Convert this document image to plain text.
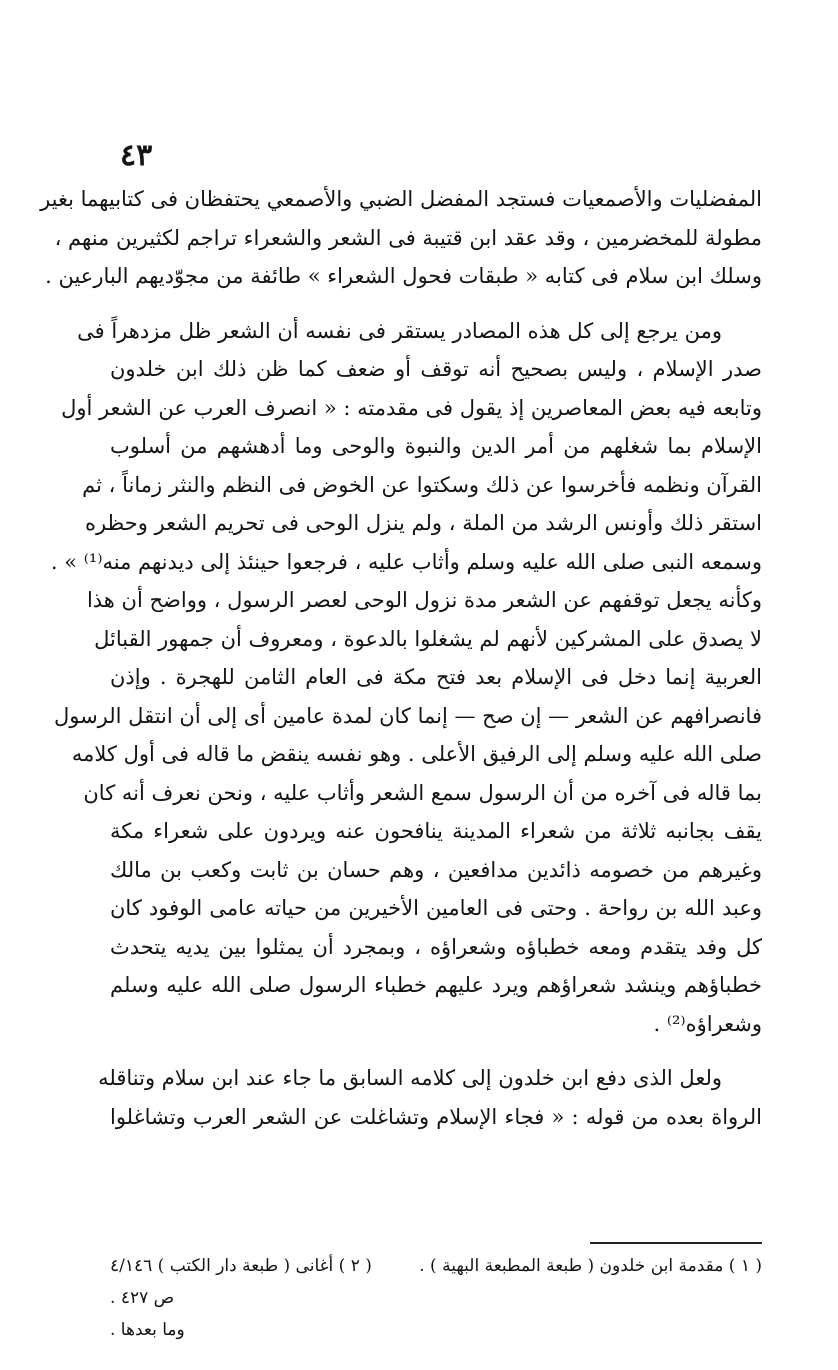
٤٣
المفضليات والأصمعيات فستجد المفضل الضبي والأصمعي يحتفظان فى كتابيهما بغير
مطولة للمخضرمين ، وقد عقد ابن قتيبة فى الشعر والشعراء تراجم لكثيرين منهم ،
وسلك ابن سلام فى كتابه « طبقات فحول الشعراء » طائفة من مجوّديهم البارعين .
ومن يرجع إلى كل هذه المصادر يستقر فى نفسه أن الشعر ظل مزدهراً فى
صدر الإسلام ، وليس بصحيح أنه توقف أو ضعف كما ظن ذلك ابن خلدون
وتابعه فيه بعض المعاصرين إذ يقول فى مقدمته : « انصرف العرب عن الشعر أول
الإسلام بما شغلهم من أمر الدين والنبوة والوحى وما أدهشهم من أسلوب
القرآن ونظمه فأخرسوا عن ذلك وسكتوا عن الخوض فى النظم والنثر زماناً ، ثم
استقر ذلك وأونس الرشد من الملة ، ولم ينزل الوحى فى تحريم الشعر وحظره
وسمعه النبى صلى الله عليه وسلم وأثاب عليه ، فرجعوا حينئذ إلى ديدنهم منه⁽¹⁾ » .
وكأنه يجعل توقفهم عن الشعر مدة نزول الوحى لعصر الرسول ، وواضح أن هذا
لا يصدق على المشركين لأنهم لم يشغلوا بالدعوة ، ومعروف أن جمهور القبائل
العربية إنما دخل فى الإسلام بعد فتح مكة فى العام الثامن للهجرة . وإذن
فانصرافهم عن الشعر — إن صح — إنما كان لمدة عامين أى إلى أن انتقل الرسول
صلى الله عليه وسلم إلى الرفيق الأعلى . وهو نفسه ينقض ما قاله فى أول كلامه
بما قاله فى آخره من أن الرسول سمع الشعر وأثاب عليه ، ونحن نعرف أنه كان
يقف بجانبه ثلاثة من شعراء المدينة ينافحون عنه ويردون على شعراء مكة
وغيرهم من خصومه ذائدين مدافعين ، وهم حسان بن ثابت وكعب بن مالك
وعبد الله بن رواحة . وحتى فى العامين الأخيرين من حياته عامى الوفود كان
كل وفد يتقدم ومعه خطباؤه وشعراؤه ، وبمجرد أن يمثلوا بين يديه يتحدث
خطباؤهم وينشد شعراؤهم ويرد عليهم خطباء الرسول صلى الله عليه وسلم
وشعراؤه⁽²⁾ .
ولعل الذى دفع ابن خلدون إلى كلامه السابق ما جاء عند ابن سلام وتناقله
الرواة بعده من قوله : « فجاء الإسلام وتشاغلت عن الشعر العرب وتشاغلوا
( ١ ) مقدمة ابن خلدون ( طبعة المطبعة البهية ) .
( ٢ ) أغانى ( طبعة دار الكتب ) ٤/١٤٦
ص ٤٢٧ .
وما بعدها .
